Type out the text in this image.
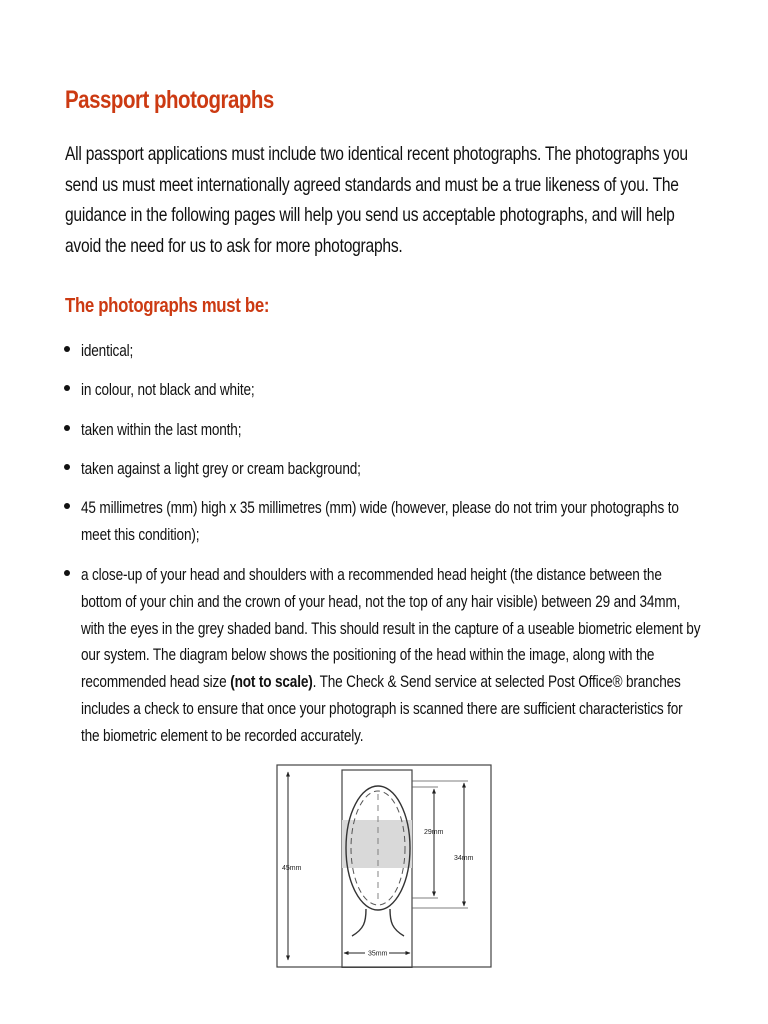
Passport photographs

All passport applications must include two identical recent photographs. The photographs you send us must meet internationally agreed standards and must be a true likeness of you. The guidance in the following pages will help you send us acceptable photographs, and will help avoid the need for us to ask for more photographs.

The photographs must be:
identical;
in colour, not black and white;
taken within the last month;
taken against a light grey or cream background;
45 millimetres (mm) high x 35 millimetres (mm) wide (however, please do not trim your photographs to meet this condition);
a close-up of your head and shoulders with a recommended head height (the distance between the bottom of your chin and the crown of your head, not the top of any hair visible) between 29 and 34mm, with the eyes in the grey shaded band. This should result in the capture of a useable biometric element by our system. The diagram below shows the positioning of the head within the image, along with the recommended head size (not to scale). The Check & Send service at selected Post Office® branches includes a check to ensure that once your photograph is scanned there are sufficient characteristics for the biometric element to be recorded accurately.
45mm
29mm
34mm
35mm
